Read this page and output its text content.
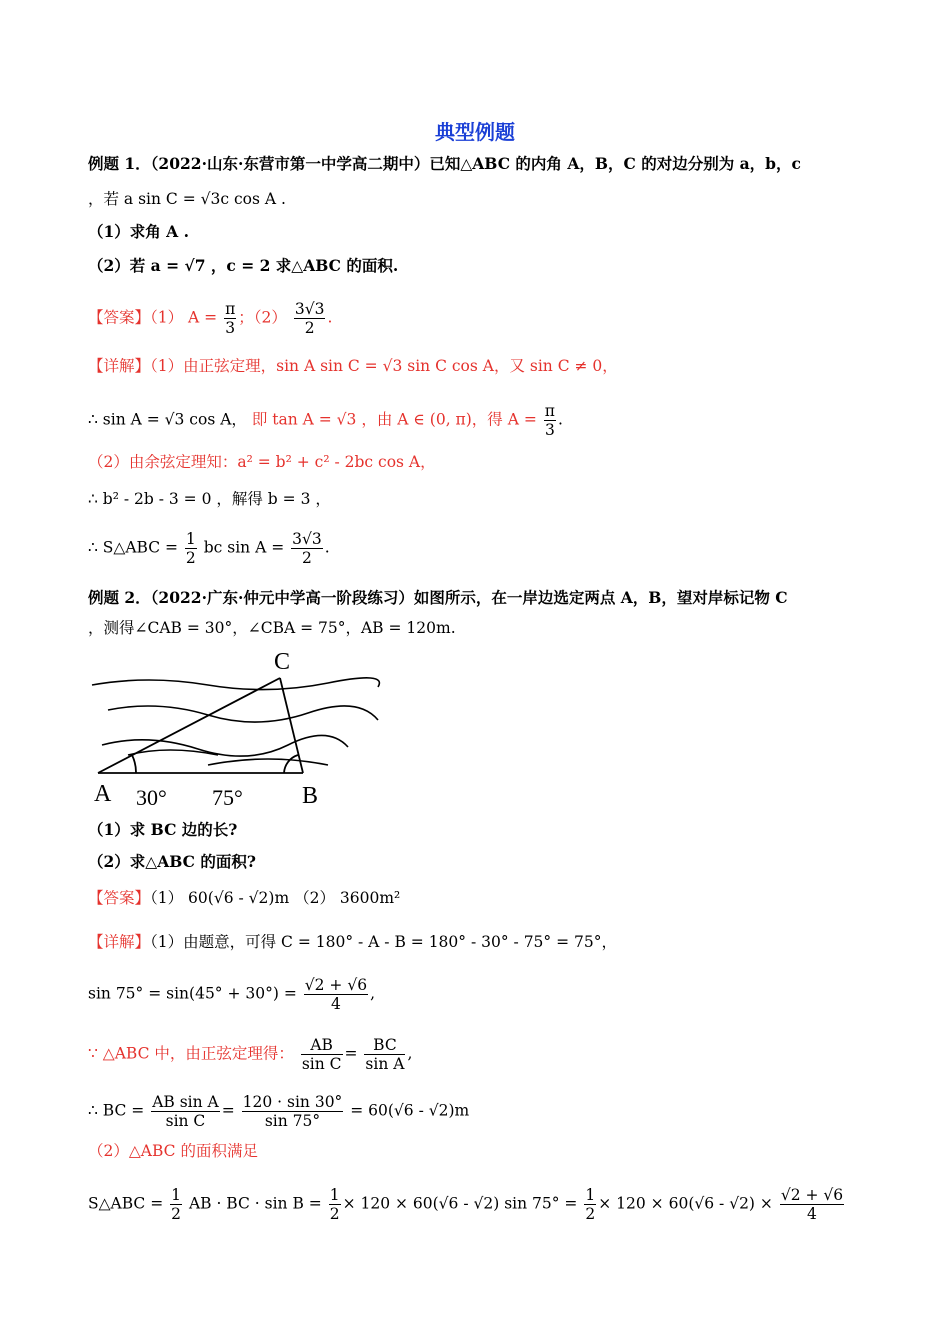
典型例题
例题 1．（2022·山东·东营市第一中学高二期中）已知△ABC 的内角 A，B，C 的对边分别为 a，b，c
，若 a sin C = √3c cos A .
（1）求角 A .
（2）若 a = √7 ，c = 2 求△ABC 的面积.
【答案】（1） $A = \frac{\pi}{3}$ ；$(2) \frac{3√3}{2}$ .
【详解】（1）由正弦定理，sin A sin C = √3 sin C cos A，又 sin C ≠ 0，
∴ sin A = √3 cos A， 即 tan A = √3 ，由 A ∈ (0, π)，得 $A = \frac{\pi}{3}$ .
（2）由余弦定理知：a² = b² + c² - 2bc cos A，
∴ b² - 2b - 3 = 0 ，解得 b = 3 ，
∴ S△ABC = $\frac{1}{2}$ bc $\sin A = \frac{3√3}{2}$ .
例题 2．（2022·广东·仲元中学高一阶段练习）如图所示，在一岸边选定两点 A，B，望对岸标记物 C
，测得∠CAB = 30°，∠CBA = 75°，AB = 120m.
C
A	B
30° 75°
（1）求 BC 边的长?
（2）求△ABC 的面积?
【答案】（1） 60(√6 - √2)m （2） 3600m²
【详解】（1）由题意，可得 C = 180° - A - B = 180° - 30° - 75° = 75°，
$\sin 75^\circ = \sin(45^\circ + 30^\circ) = \frac{√2 + √6}{4}$ ,
∵ △ABC 中，由正弦定理得： $\frac{AB}{\text{sin C}} = \frac{BC}{\text{sin A}}$ ,
∴ BC = $\frac{\text{AB sin A}}{\text{sin C}} = \frac{120 \cdot \sin 30^\circ}{\sin 75^\circ} = 60(√6 - √2)m$
（2）△ABC 的面积满足
S△ABC = $\frac{1}{2}$ AB · BC · $\sin B = \frac{1}{2} \times 120 \times 60(√6 - √2)$ $\sin 75^\circ = \frac{1}{2} \times 120 \times 60(√6 - √2) \times \frac{√2 + √6}{4}$
